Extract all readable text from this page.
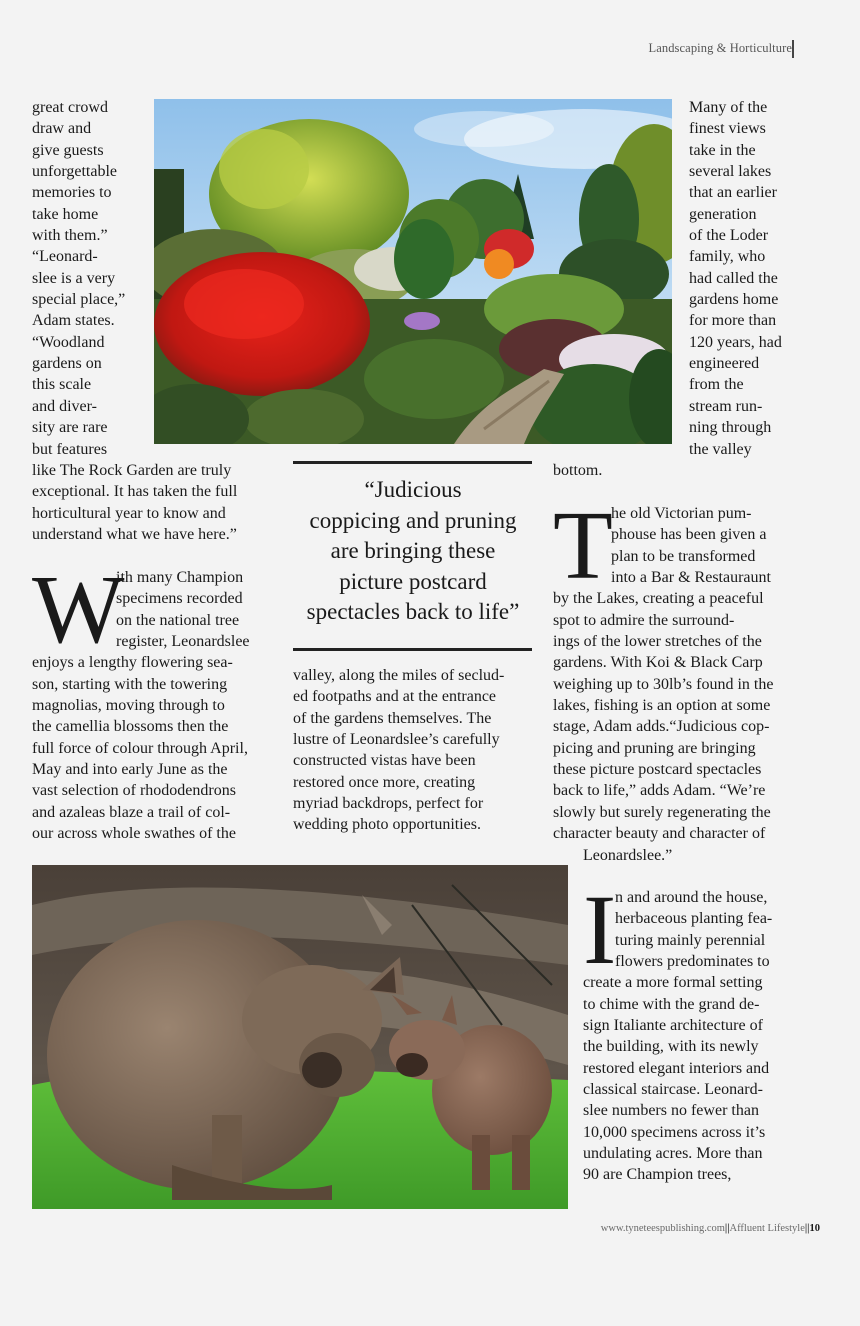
Landscaping & Horticulture
great crowd
draw and
give guests
unforgettable
memories to
take home
with them.”
“Leonard-
slee is a very
special place,”
Adam states.
“Woodland
gardens on
this scale
and diver-
sity are rare
but features
like The Rock Garden are truly
exceptional. It has taken the full
horticultural year to know and
understand what we have here.”
W
ith many Champion
specimens recorded
on the national tree
register, Leonardslee
enjoys a lengthy flowering sea-
son, starting with the towering
magnolias, moving through to
the camellia blossoms then the
full force of colour through April,
May and into early June as the
vast selection of rhododendrons
and azaleas blaze a trail of col-
our across whole swathes of the
“Judicious
coppicing and pruning
are bringing these
picture postcard
spectacles back to life”
valley, along the miles of seclud-
ed footpaths and at the entrance
of the gardens themselves. The
lustre of Leonardslee’s carefully
constructed vistas have been
restored once more, creating
myriad backdrops, perfect for
wedding photo opportunities.
Many of the
finest views
take in the
several lakes
that an earlier
generation
of the Loder
family, who
had called the
gardens home
for more than
120 years, had
engineered
from the
stream run-
ning through
the valley
bottom.
T
he old Victorian pum-
phouse has been given a
plan to be transformed
into a Bar & Restauraunt
by the Lakes, creating a peaceful
spot to admire the surround-
ings of the lower stretches of the
gardens. With Koi & Black Carp
weighing up to 30lb’s found in the
lakes, fishing is an option at some
stage, Adam adds.“Judicious cop-
picing and pruning are bringing
these picture postcard spectacles
back to life,” adds Adam. “We’re
slowly but surely regenerating the
character beauty and character of
Leonardslee.”
I
n and around the house,
herbaceous planting fea-
turing mainly perennial
flowers predominates to
create a more formal setting
to chime with the grand de-
sign Italiante architecture of
the building, with its newly
restored elegant interiors and
classical staircase. Leonard-
slee numbers no fewer than
10,000 specimens across it’s
undulating acres. More than
90 are Champion trees,
www.tyneteespublishing.com||Affluent Lifestyle||10
